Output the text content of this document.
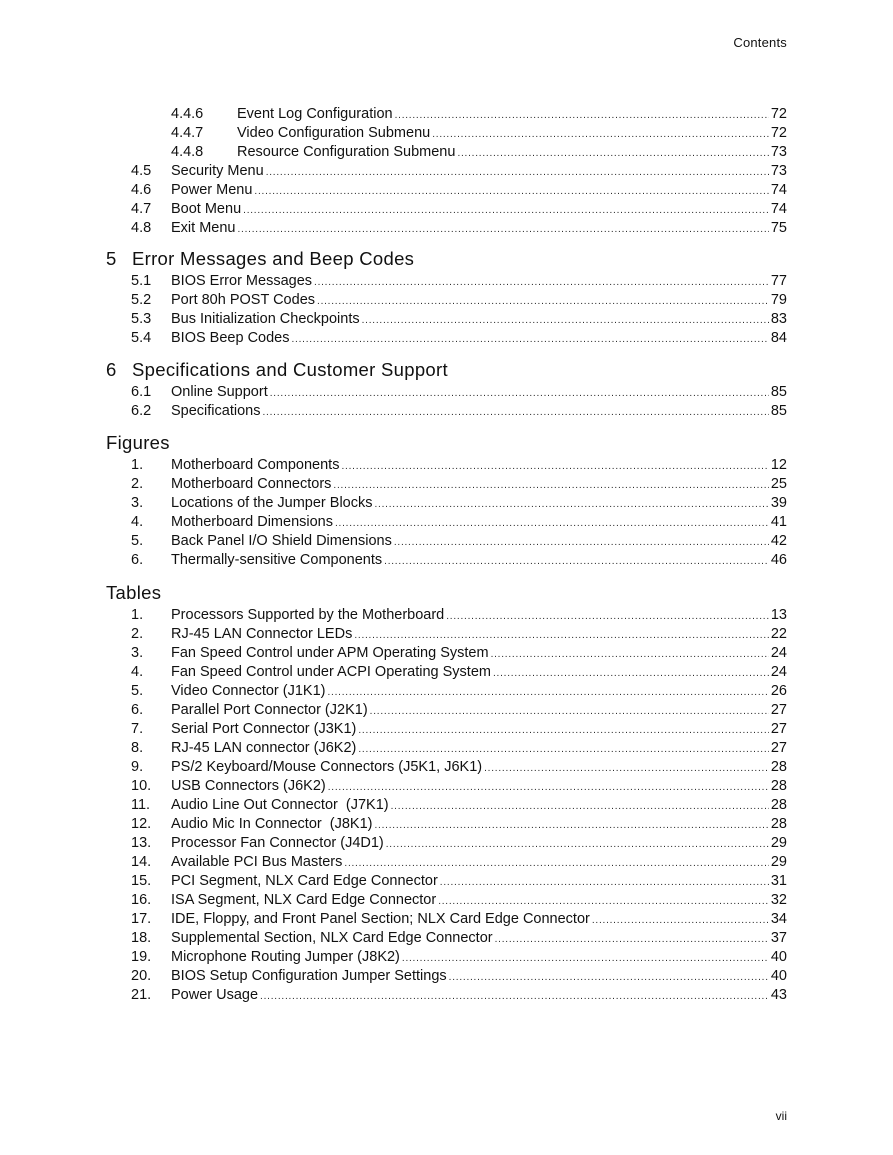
Contents
4.4.6	Event Log Configuration . . .	72
4.4.7	Video Configuration Submenu . . .	72
4.4.8	Resource Configuration Submenu . . .	73
4.5	Security Menu . . .	73
4.6	Power Menu . . .	74
4.7	Boot Menu . . .	74
4.8	Exit Menu . . .	75
5 Error Messages and Beep Codes
5.1	BIOS Error Messages . . .	77
5.2	Port 80h POST Codes . . .	79
5.3	Bus Initialization Checkpoints . . .	83
5.4	BIOS Beep Codes . . .	84
6 Specifications and Customer Support
6.1	Online Support . . .	85
6.2	Specifications . . .	85
Figures
1.	Motherboard Components . . .	12
2.	Motherboard Connectors . . .	25
3.	Locations of the Jumper Blocks . . .	39
4.	Motherboard Dimensions . . .	41
5.	Back Panel I/O Shield Dimensions . . .	42
6.	Thermally-sensitive Components . . .	46
Tables
1.	Processors Supported by the Motherboard . . .	13
2.	RJ-45 LAN Connector LEDs . . .	22
3.	Fan Speed Control under APM Operating System . . .	24
4.	Fan Speed Control under ACPI Operating System . . .	24
5.	Video Connector (J1K1) . . .	26
6.	Parallel Port Connector (J2K1) . . .	27
7.	Serial Port Connector (J3K1) . . .	27
8.	RJ-45 LAN connector (J6K2) . . .	27
9.	PS/2 Keyboard/Mouse Connectors (J5K1, J6K1) . . .	28
10.	USB Connectors (J6K2) . . .	28
11.	Audio Line Out Connector  (J7K1) . . .	28
12.	Audio Mic In Connector  (J8K1) . . .	28
13.	Processor Fan Connector (J4D1) . . .	29
14.	Available PCI Bus Masters . . .	29
15.	PCI Segment, NLX Card Edge Connector . . .	31
16.	ISA Segment, NLX Card Edge Connector . . .	32
17.	IDE, Floppy, and Front Panel Section; NLX Card Edge Connector . . .	34
18.	Supplemental Section, NLX Card Edge Connector . . .	37
19.	Microphone Routing Jumper (J8K2) . . .	40
20.	BIOS Setup Configuration Jumper Settings . . .	40
21.	Power Usage . . .	43
vii
